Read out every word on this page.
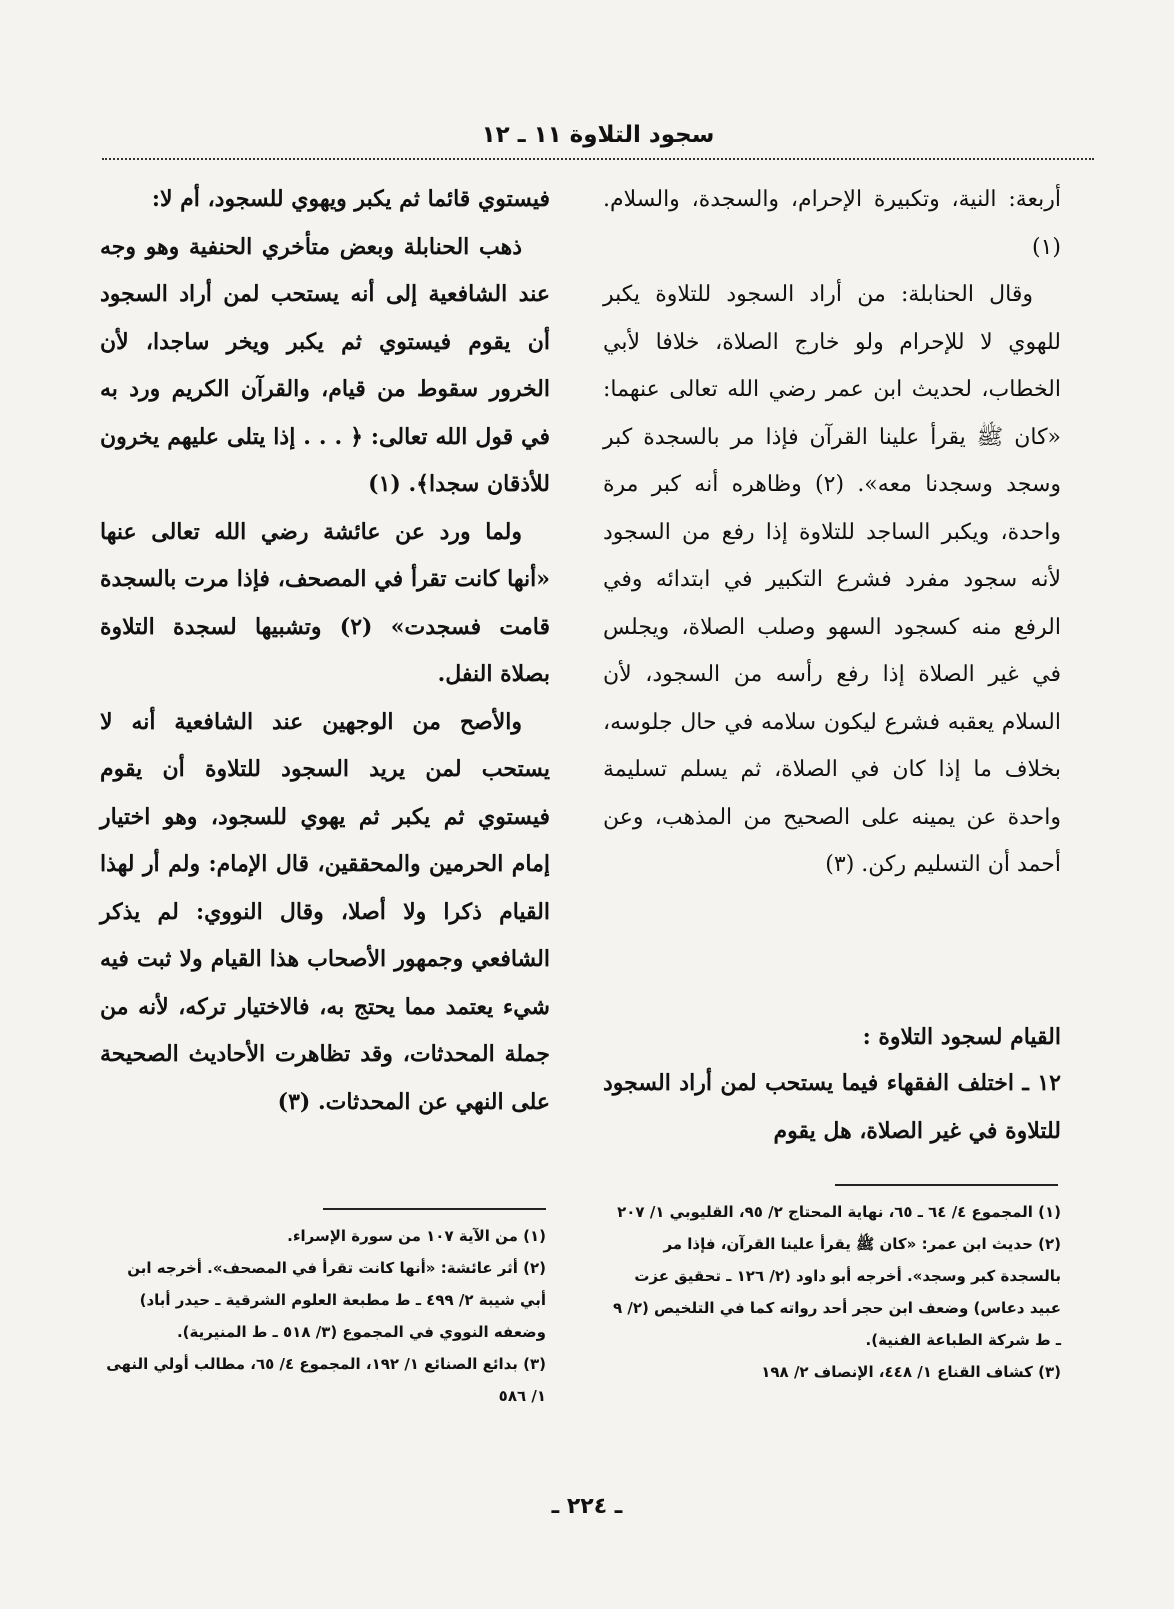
سجود التلاوة ١١ ـ ١٢

أربعة: النية، وتكبيرة الإحرام، والسجدة، والسلام. (١)

وقال الحنابلة: من أراد السجود للتلاوة يكبر للهوي لا للإحرام ولو خارج الصلاة، خلافا لأبي الخطاب، لحديث ابن عمر رضي الله تعالى عنهما: «كان ﷺ يقرأ علينا القرآن فإذا مر بالسجدة كبر وسجد وسجدنا معه». (٢) وظاهره أنه كبر مرة واحدة، ويكبر الساجد للتلاوة إذا رفع من السجود لأنه سجود مفرد فشرع التكبير في ابتدائه وفي الرفع منه كسجود السهو وصلب الصلاة، ويجلس في غير الصلاة إذا رفع رأسه من السجود، لأن السلام يعقبه فشرع ليكون سلامه في حال جلوسه، بخلاف ما إذا كان في الصلاة، ثم يسلم تسليمة واحدة عن يمينه على الصحيح من المذهب، وعن أحمد أن التسليم ركن. (٣)

القيام لسجود التلاوة :
١٢ ـ اختلف الفقهاء فيما يستحب لمن أراد السجود للتلاوة في غير الصلاة، هل يقوم

فيستوي قائما ثم يكبر ويهوي للسجود، أم لا:

ذهب الحنابلة وبعض متأخري الحنفية وهو وجه عند الشافعية إلى أنه يستحب لمن أراد السجود أن يقوم فيستوي ثم يكبر ويخر ساجدا، لأن الخرور سقوط من قيام، والقرآن الكريم ورد به في قول الله تعالى: ﴿ . . . إذا يتلى عليهم يخرون للأذقان سجدا﴾. (١)

ولما ورد عن عائشة رضي الله تعالى عنها «أنها كانت تقرأ في المصحف، فإذا مرت بالسجدة قامت فسجدت» (٢) وتشبيها لسجدة التلاوة بصلاة النفل.

والأصح من الوجهين عند الشافعية أنه لا يستحب لمن يريد السجود للتلاوة أن يقوم فيستوي ثم يكبر ثم يهوي للسجود، وهو اختيار إمام الحرمين والمحققين، قال الإمام: ولم أر لهذا القيام ذكرا ولا أصلا، وقال النووي: لم يذكر الشافعي وجمهور الأصحاب هذا القيام ولا ثبت فيه شيء يعتمد مما يحتج به، فالاختيار تركه، لأنه من جملة المحدثات، وقد تظاهرت الأحاديث الصحيحة على النهي عن المحدثات. (٣)

(١) المجموع ٤/ ٦٤ ـ ٦٥، نهاية المحتاج ٢/ ٩٥، القليوبي ١/ ٢٠٧

(٢) حديث ابن عمر: «كان ﷺ يقرأ علينا القرآن، فإذا مر بالسجدة كبر وسجد». أخرجه أبو داود (٢/ ١٢٦ ـ تحقيق عزت عبيد دعاس) وضعف ابن حجر أحد رواته كما في التلخيص (٢/ ٩ ـ ط شركة الطباعة الفنية).

(٣) كشاف القناع ١/ ٤٤٨، الإنصاف ٢/ ١٩٨

(١) من الآية ١٠٧ من سورة الإسراء.

(٢) أثر عائشة: «أنها كانت تقرأ في المصحف». أخرجه ابن أبي شيبة ٢/ ٤٩٩ ـ ط مطبعة العلوم الشرقية ـ حيدر أباد) وضعفه النووي في المجموع (٣/ ٥١٨ ـ ط المنيرية).

(٣) بدائع الصنائع ١/ ١٩٢، المجموع ٤/ ٦٥، مطالب أولي النهى ١/ ٥٨٦

ـ ٢٢٤ ـ
